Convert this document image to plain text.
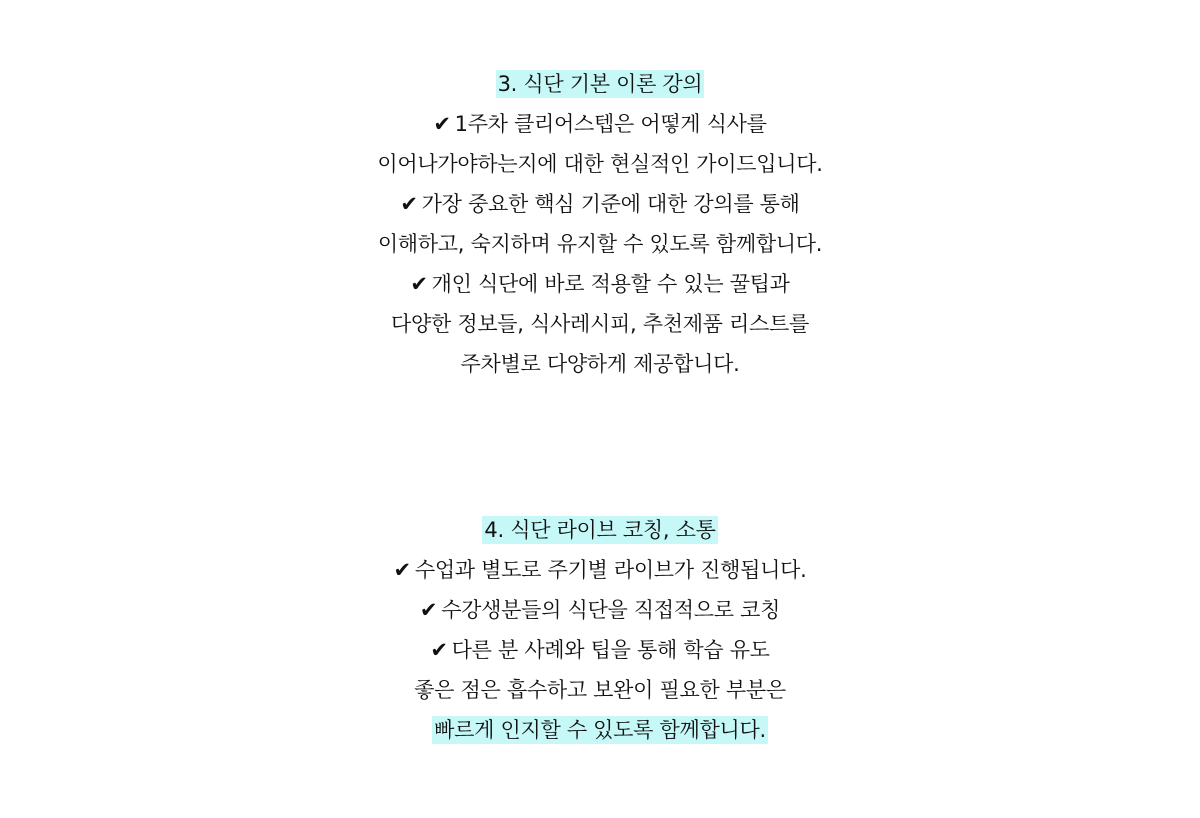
3. 식단 기본 이론 강의
✔ 1주차 클리어스텝은 어떻게 식사를
이어나가야하는지에 대한 현실적인 가이드입니다.
✔ 가장 중요한 핵심 기준에 대한 강의를 통해
이해하고, 숙지하며 유지할 수 있도록 함께합니다.
✔ 개인 식단에 바로 적용할 수 있는 꿀팁과
다양한 정보들, 식사레시피, 추천제품 리스트를
주차별로 다양하게 제공합니다.
4. 식단 라이브 코칭, 소통
✔ 수업과 별도로 주기별 라이브가 진행됩니다.
✔ 수강생분들의 식단을 직접적으로 코칭
✔ 다른 분 사례와 팁을 통해 학습 유도
좋은 점은 흡수하고 보완이 필요한 부분은
빠르게 인지할 수 있도록 함께합니다.
